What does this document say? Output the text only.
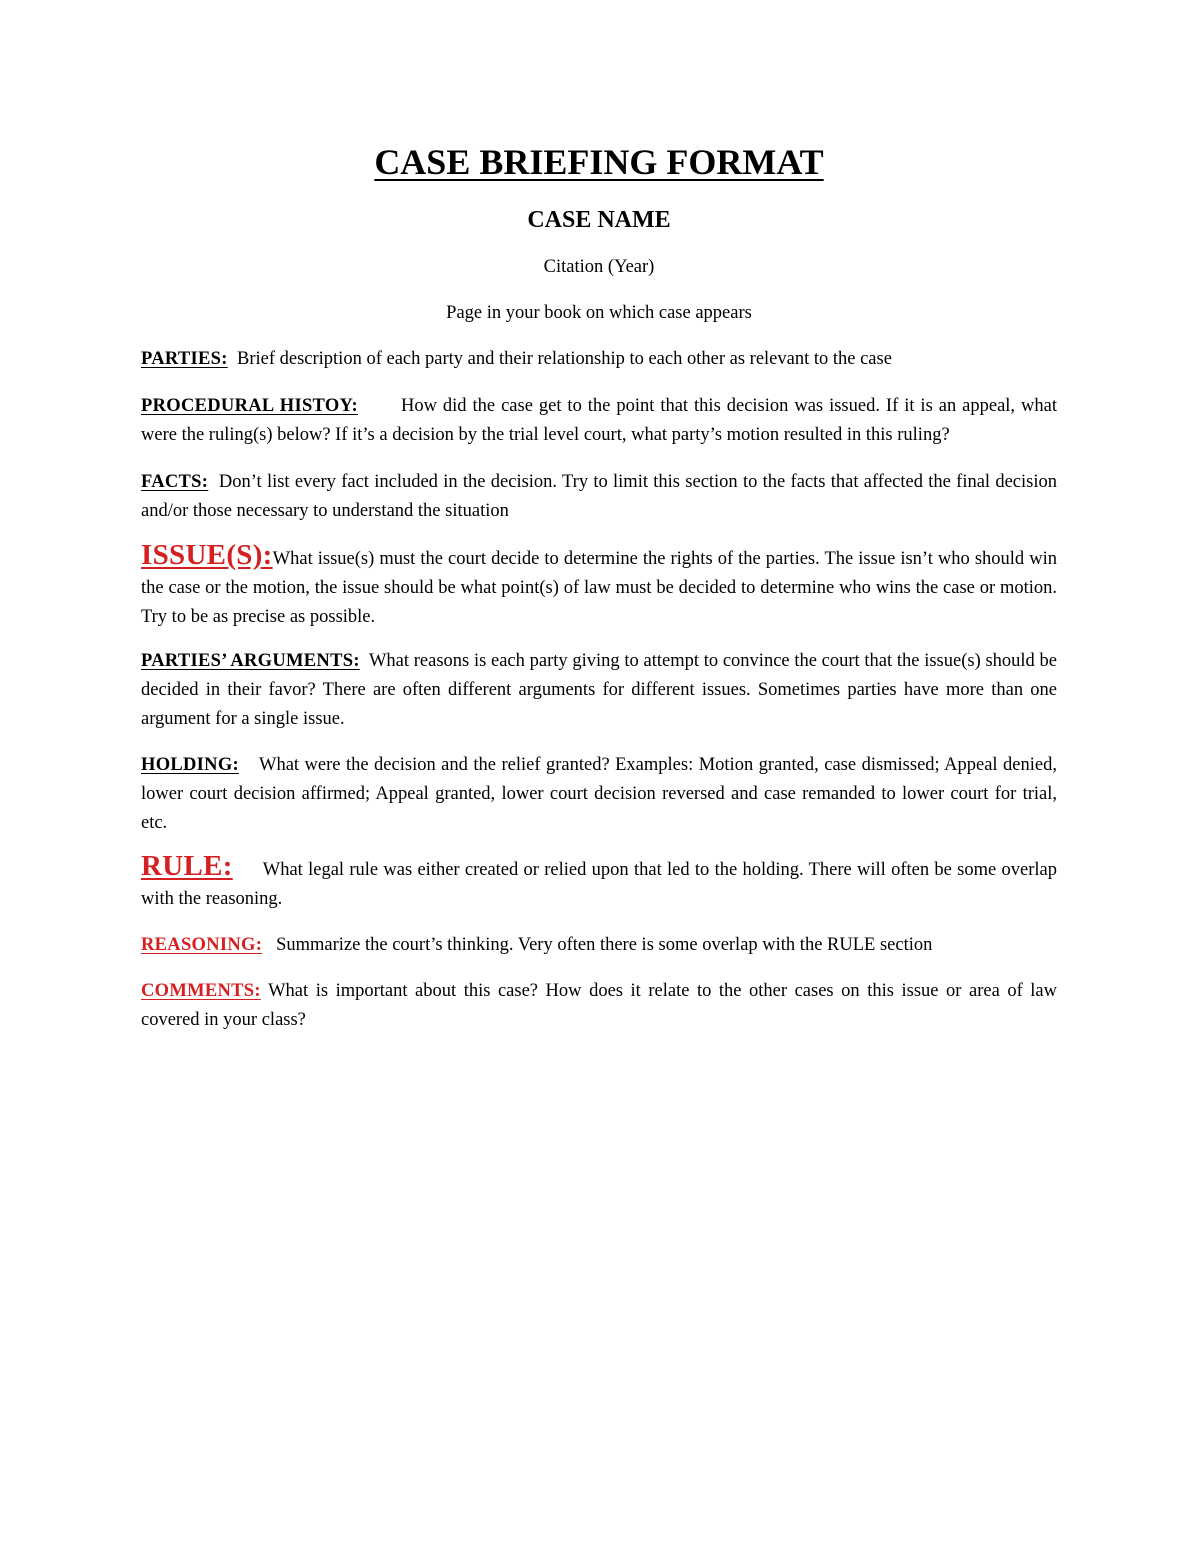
CASE BRIEFING FORMAT
CASE NAME

Citation (Year)

Page in your book on which case appears

PARTIES: Brief description of each party and their relationship to each other as relevant to the case

PROCEDURAL HISTOY: How did the case get to the point that this decision was issued. If it is an appeal, what were the ruling(s) below? If it’s a decision by the trial level court, what party’s motion resulted in this ruling?

FACTS: Don’t list every fact included in the decision. Try to limit this section to the facts that affected the final decision and/or those necessary to understand the situation

ISSUE(S):What issue(s) must the court decide to determine the rights of the parties. The issue isn’t who should win the case or the motion, the issue should be what point(s) of law must be decided to determine who wins the case or motion. Try to be as precise as possible.

PARTIES’ ARGUMENTS: What reasons is each party giving to attempt to convince the court that the issue(s) should be decided in their favor? There are often different arguments for different issues. Sometimes parties have more than one argument for a single issue.

HOLDING: What were the decision and the relief granted? Examples: Motion granted, case dismissed; Appeal denied, lower court decision affirmed; Appeal granted, lower court decision reversed and case remanded to lower court for trial, etc.

RULE: What legal rule was either created or relied upon that led to the holding. There will often be some overlap with the reasoning.

REASONING: Summarize the court’s thinking. Very often there is some overlap with the RULE section

COMMENTS: What is important about this case? How does it relate to the other cases on this issue or area of law covered in your class?
